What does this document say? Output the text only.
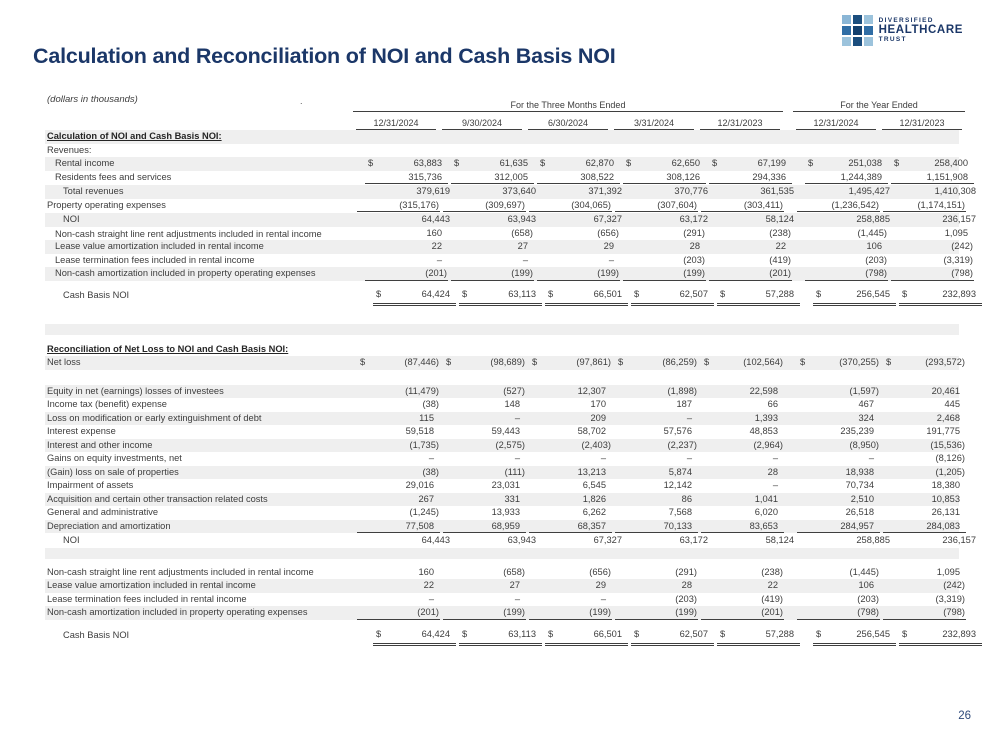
DIVERSIFIED
HEALTHCARE
TRUST
Calculation and Reconciliation of NOI and Cash Basis NOI
(dollars in thousands)	.	For the Three Months Ended	For the Year Ended
12/31/2024	9/30/2024	6/30/2024	3/31/2024	12/31/2023	12/31/2024	12/31/2023
Calculation of NOI and Cash Basis NOI:
Revenues:
Rental income	$	63,883	$	61,635	$	62,870	$	62,650	$	67,199	$	251,038	$	258,400
Residents fees and services	315,736	312,005	308,522	308,126	294,336	1,244,389	1,151,908
Total revenues	379,619	373,640	371,392	370,776	361,535	1,495,427	1,410,308
Property operating expenses	(315,176)	(309,697)	(304,065)	(307,604)	(303,411)	(1,236,542)	(1,174,151)
NOI	64,443	63,943	67,327	63,172	58,124	258,885	236,157
Non-cash straight line rent adjustments included in rental income	160	(658)	(656)	(291)	(238)	(1,445)	1,095
Lease value amortization included in rental income	22	27	29	28	22	106	(242)
Lease termination fees included in rental income	–	–	–	(203)	(419)	(203)	(3,319)
Non-cash amortization included in property operating expenses	(201)	(199)	(199)	(199)	(201)	(798)	(798)
Cash Basis NOI	$	64,424	$	63,113	$	66,501	$	62,507	$	57,288	$	256,545	$	232,893
Reconciliation of Net Loss to NOI and Cash Basis NOI:
Net loss	$	(87,446) $	(98,689) $	(97,861) $	(86,259) $	(102,564) $	(370,255) $	(293,572)
Equity in net (earnings) losses of investees	(11,479)	(527)	12,307	(1,898)	22,598	(1,597)	20,461
Income tax (benefit) expense	(38)	148	170	187	66	467	445
Loss on modification or early extinguishment of debt	115	–	209	–	1,393	324	2,468
Interest expense	59,518	59,443	58,702	57,576	48,853	235,239	191,775
Interest and other income	(1,735)	(2,575)	(2,403)	(2,237)	(2,964)	(8,950)	(15,536)
Gains on equity investments, net	–	–	–	–	–	–	(8,126)
(Gain) loss on sale of properties	(38)	(111)	13,213	5,874	28	18,938	(1,205)
Impairment of assets	29,016	23,031	6,545	12,142	–	70,734	18,380
Acquisition and certain other transaction related costs	267	331	1,826	86	1,041	2,510	10,853
General and administrative	(1,245)	13,933	6,262	7,568	6,020	26,518	26,131
Depreciation and amortization	77,508	68,959	68,357	70,133	83,653	284,957	284,083
NOI	64,443	63,943	67,327	63,172	58,124	258,885	236,157
Non-cash straight line rent adjustments included in rental income	160	(658)	(656)	(291)	(238)	(1,445)	1,095
Lease value amortization included in rental income	22	27	29	28	22	106	(242)
Lease termination fees included in rental income	–	–	–	(203)	(419)	(203)	(3,319)
Non-cash amortization included in property operating expenses	(201)	(199)	(199)	(199)	(201)	(798)	(798)
Cash Basis NOI	$	64,424	$	63,113	$	66,501	$	62,507	$	57,288	$	256,545	$	232,893
26
